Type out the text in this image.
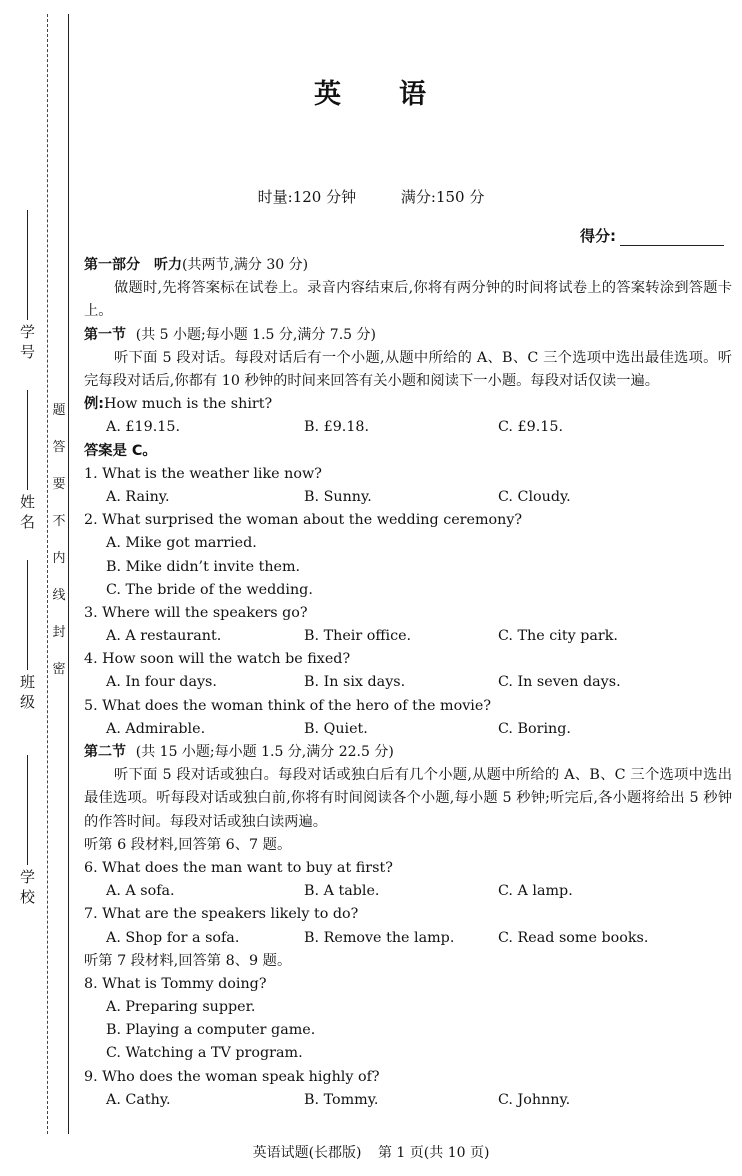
学 号
姓 名
班 级
学 校
题
答
要
不
内
线
封
密
英 语
时量:120 分钟	满分:150 分
得分:
第一部分　听力(共两节,满分 30 分)
做题时,先将答案标在试卷上。录音内容结束后,你将有两分钟的时间将试卷上的答案转涂到答题卡上。
第一节 (共 5 小题;每小题 1.5 分,满分 7.5 分)
听下面 5 段对话。每段对话后有一个小题,从题中所给的 A、B、C 三个选项中选出最佳选项。听完每段对话后,你都有 10 秒钟的时间来回答有关小题和阅读下一小题。每段对话仅读一遍。
例:How much is the shirt?
A. £19.15.	B. £9.18.	C. £9.15.
答案是 C。
1. What is the weather like now?
A. Rainy.	B. Sunny.	C. Cloudy.
2. What surprised the woman about the wedding ceremony?
A. Mike got married.
B. Mike didn’t invite them.
C. The bride of the wedding.
3. Where will the speakers go?
A. A restaurant.	B. Their office.	C. The city park.
4. How soon will the watch be fixed?
A. In four days.	B. In six days.	C. In seven days.
5. What does the woman think of the hero of the movie?
A. Admirable.	B. Quiet.	C. Boring.
第二节 (共 15 小题;每小题 1.5 分,满分 22.5 分)
听下面 5 段对话或独白。每段对话或独白后有几个小题,从题中所给的 A、B、C 三个选项中选出最佳选项。听每段对话或独白前,你将有时间阅读各个小题,每小题 5 秒钟;听完后,各小题将给出 5 秒钟的作答时间。每段对话或独白读两遍。
听第 6 段材料,回答第 6、7 题。
6. What does the man want to buy at first?
A. A sofa.	B. A table.	C. A lamp.
7. What are the speakers likely to do?
A. Shop for a sofa.	B. Remove the lamp.	C. Read some books.
听第 7 段材料,回答第 8、9 题。
8. What is Tommy doing?
A. Preparing supper.
B. Playing a computer game.
C. Watching a TV program.
9. Who does the woman speak highly of?
A. Cathy.	B. Tommy.	C. Johnny.
英语试题(长郡版) 第 1 页(共 10 页)
